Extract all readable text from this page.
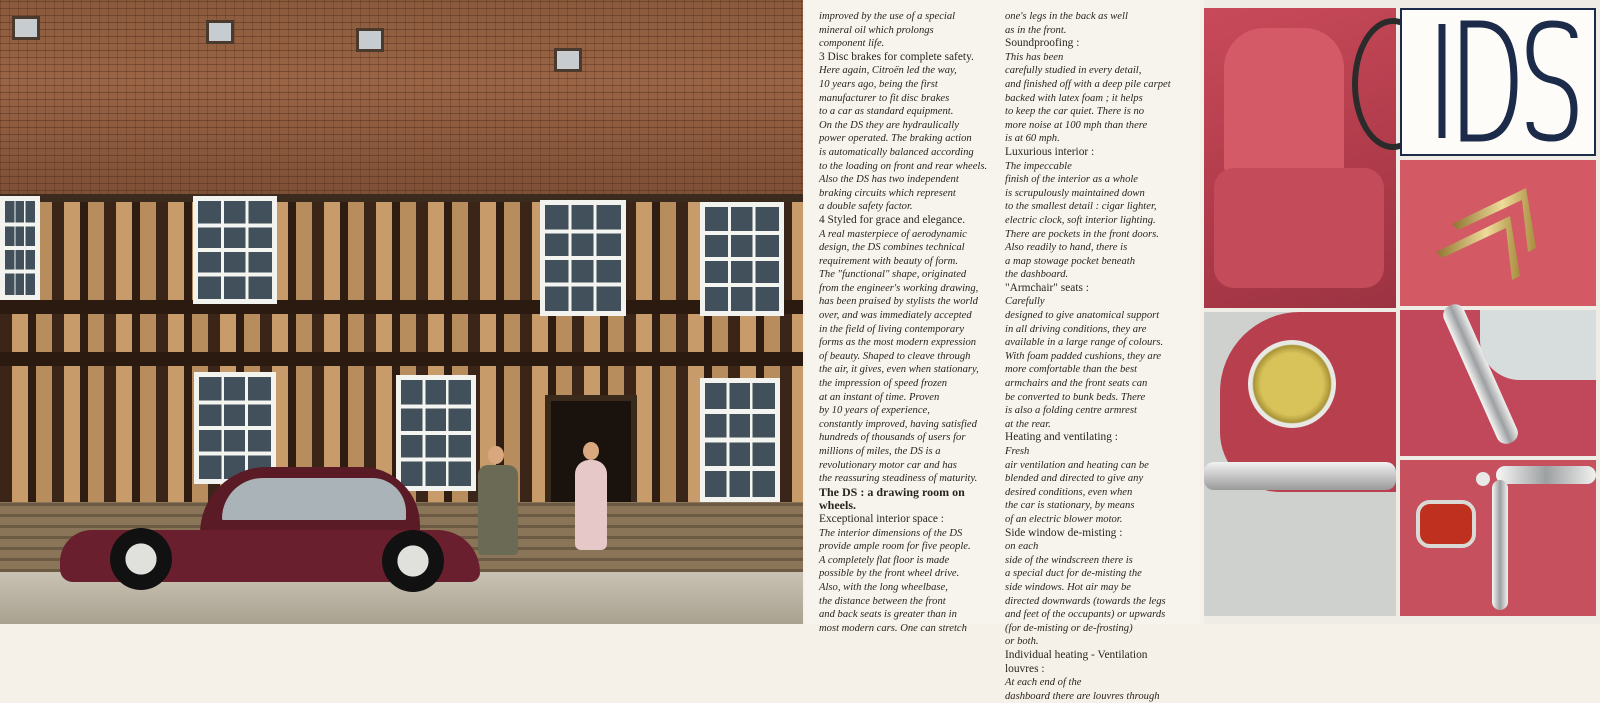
improved by the use of a special

mineral oil which prolongs

component life.

3 Disc brakes for complete safety.

Here again, Citroën led the way,

10 years ago, being the first

manufacturer to fit disc brakes

to a car as standard equipment.

On the DS they are hydraulically

power operated. The braking action

is automatically balanced according

to the loading on front and rear wheels.

Also the DS has two independent

braking circuits which represent

a double safety factor.

4 Styled for grace and elegance.

A real masterpiece of aerodynamic

design, the DS combines technical

requirement with beauty of form.

The "functional" shape, originated

from the engineer's working drawing,

has been praised by stylists the world

over, and was immediately accepted

in the field of living contemporary

forms as the most modern expression

of beauty. Shaped to cleave through

the air, it gives, even when stationary,

the impression of speed frozen

at an instant of time. Proven

by 10 years of experience,

constantly improved, having satisfied

hundreds of thousands of users for

millions of miles, the DS is a

revolutionary motor car and has

the reassuring steadiness of maturity.

The DS : a drawing room on wheels.

Exceptional interior space :

The interior dimensions of the DS

provide ample room for five people.

A completely flat floor is made

possible by the front wheel drive.

Also, with the long wheelbase,

the distance between the front

and back seats is greater than in

most modern cars. One can stretch

one's legs in the back as well

as in the front.

Soundproofing :

This has been

carefully studied in every detail,

and finished off with a deep pile carpet

backed with latex foam ; it helps

to keep the car quiet. There is no

more noise at 100 mph than there

is at 60 mph.

Luxurious interior :

The impeccable

finish of the interior as a whole

is scrupulously maintained down

to the smallest detail : cigar lighter,

electric clock, soft interior lighting.

There are pockets in the front doors.

Also readily to hand, there is

a map stowage pocket beneath

the dashboard.

"Armchair" seats :

Carefully

designed to give anatomical support

in all driving conditions, they are

available in a large range of colours.

With foam padded cushions, they are

more comfortable than the best

armchairs and the front seats can

be converted to bunk beds. There

is also a folding centre armrest

at the rear.

Heating and ventilating :

Fresh

air ventilation and heating can be

blended and directed to give any

desired conditions, even when

the car is stationary, by means

of an electric blower motor.

Side window de-misting :

on each

side of the windscreen there is

a special duct for de-misting the

side windows. Hot air may be

directed downwards (towards the legs

and feet of the occupants) or upwards

(for de-misting or de-frosting)

or both.

Individual heating - Ventilation

louvres :

At each end of the

dashboard there are louvres through

DS
